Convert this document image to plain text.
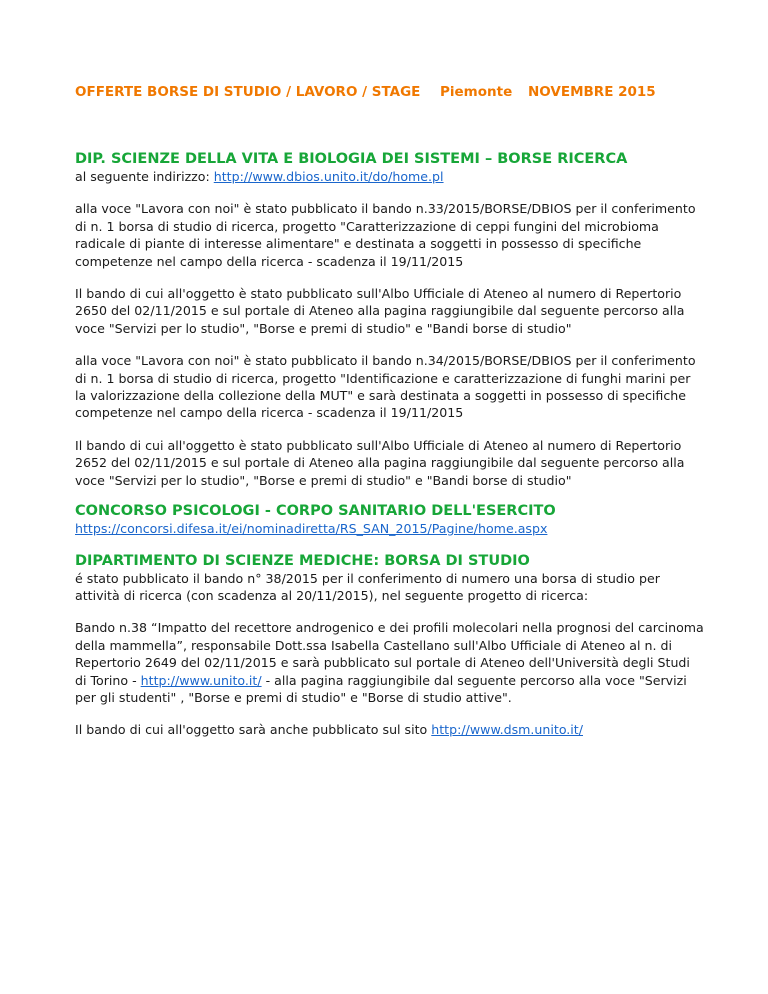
OFFERTE BORSE DI STUDIO / LAVORO / STAGE Piemonte NOVEMBRE 2015
DIP. SCIENZE DELLA VITA E BIOLOGIA DEI SISTEMI – BORSE RICERCA

al seguente indirizzo: http://www.dbios.unito.it/do/home.pl

alla voce "Lavora con noi" è stato pubblicato il bando n.33/2015/BORSE/DBIOS per il conferimento di n. 1 borsa di studio di ricerca, progetto "Caratterizzazione di ceppi fungini del microbioma radicale di piante di interesse alimentare" e destinata a soggetti in possesso di specifiche competenze nel campo della ricerca - scadenza il 19/11/2015

Il bando di cui all'oggetto è stato pubblicato sull'Albo Ufficiale di Ateneo al numero di Repertorio 2650 del 02/11/2015 e sul portale di Ateneo alla pagina raggiungibile dal seguente percorso alla voce "Servizi per lo studio", "Borse e premi di studio" e "Bandi borse di studio"

alla voce "Lavora con noi" è stato pubblicato il bando n.34/2015/BORSE/DBIOS per il conferimento di n. 1 borsa di studio di ricerca, progetto "Identificazione e caratterizzazione di funghi marini per la valorizzazione della collezione della MUT" e sarà destinata a soggetti in possesso di specifiche competenze nel campo della ricerca - scadenza il 19/11/2015

Il bando di cui all'oggetto è stato pubblicato sull'Albo Ufficiale di Ateneo al numero di Repertorio 2652 del 02/11/2015 e sul portale di Ateneo alla pagina raggiungibile dal seguente percorso alla voce "Servizi per lo studio", "Borse e premi di studio" e "Bandi borse di studio"

CONCORSO PSICOLOGI - CORPO SANITARIO DELL'ESERCITO
https://concorsi.difesa.it/ei/nominadiretta/RS_SAN_2015/Pagine/home.aspx
DIPARTIMENTO DI SCIENZE MEDICHE: BORSA DI STUDIO

é stato pubblicato il bando n° 38/2015 per il conferimento di numero una borsa di studio per attività di ricerca (con scadenza al 20/11/2015), nel seguente progetto di ricerca:

Bando n.38 “Impatto del recettore androgenico e dei profili molecolari nella prognosi del carcinoma della mammella”, responsabile Dott.ssa Isabella Castellano sull'Albo Ufficiale di Ateneo al n. di Repertorio 2649 del 02/11/2015 e sarà pubblicato sul portale di Ateneo dell'Università degli Studi di Torino - http://www.unito.it/ - alla pagina raggiungibile dal seguente percorso alla voce "Servizi per gli studenti" , "Borse e premi di studio" e "Borse di studio attive".

Il bando di cui all'oggetto sarà anche pubblicato sul sito http://www.dsm.unito.it/
